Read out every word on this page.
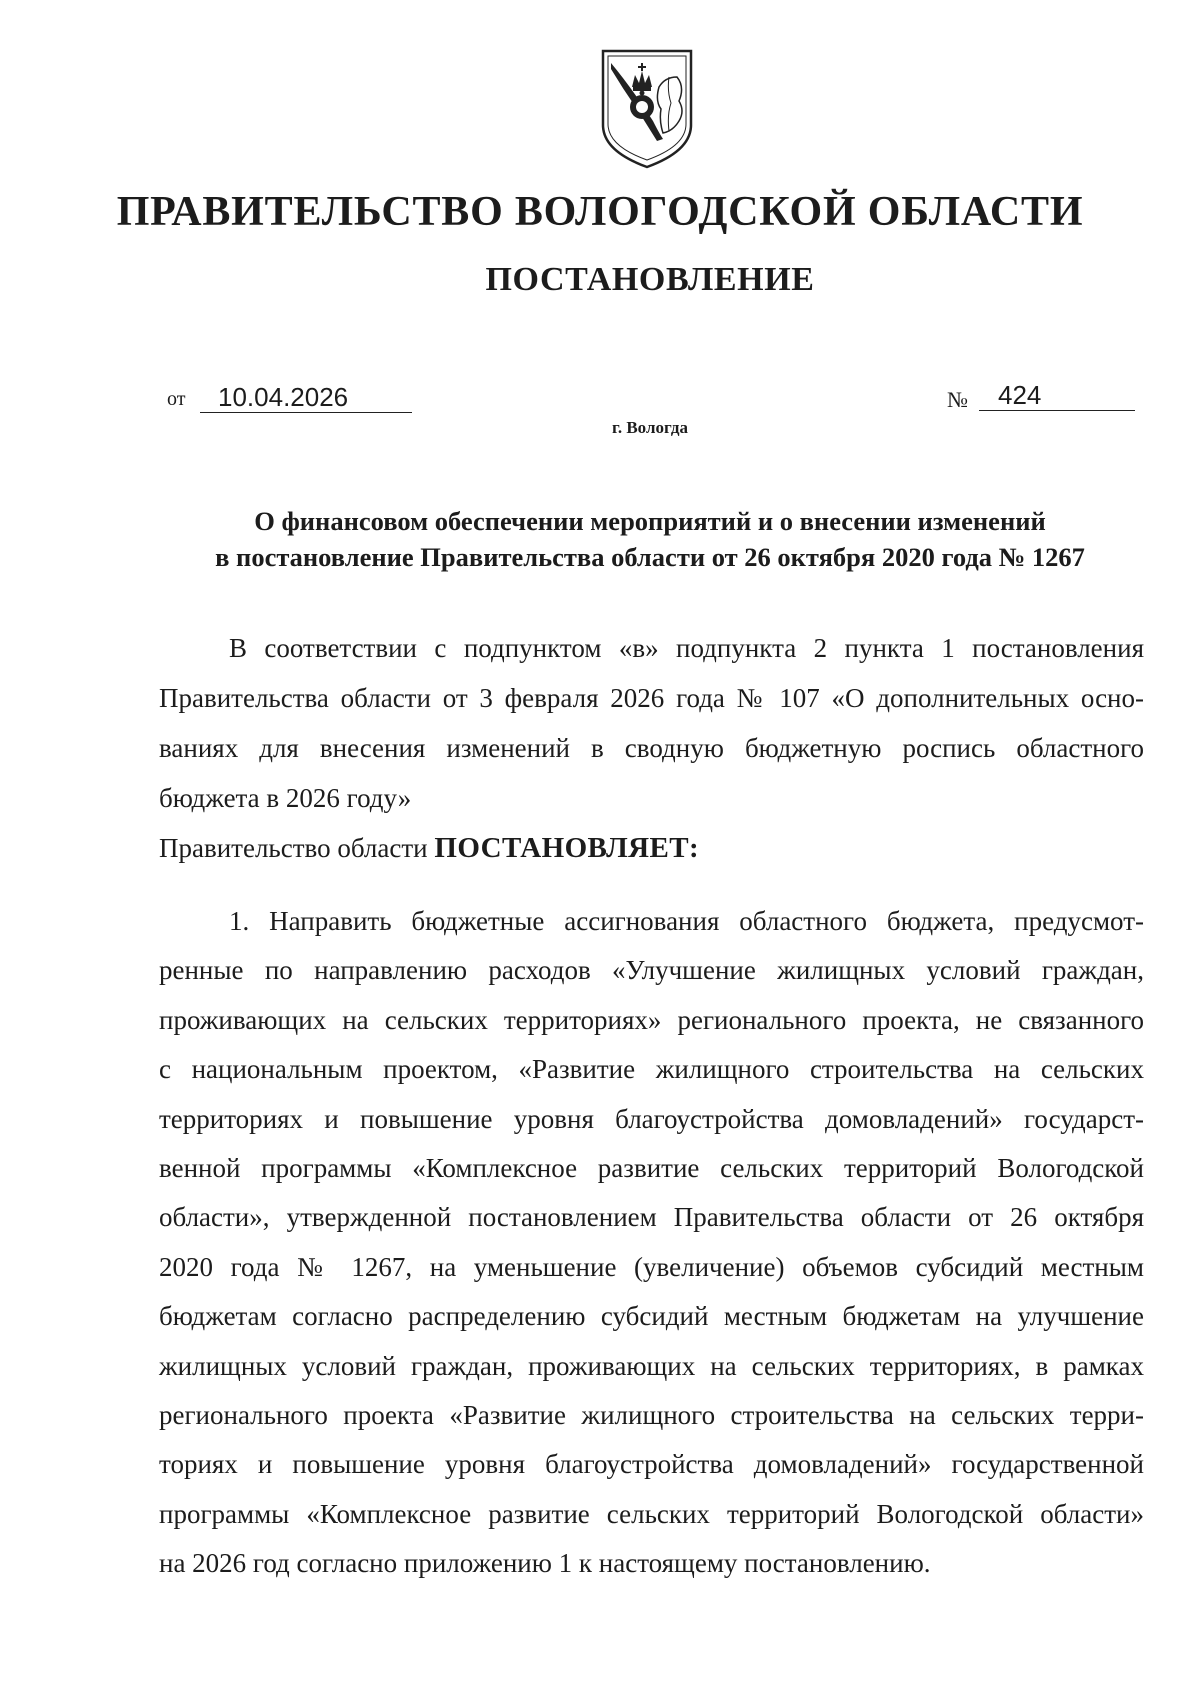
ПРАВИТЕЛЬСТВО ВОЛОГОДСКОЙ ОБЛАСТИ
ПОСТАНОВЛЕНИЕ
от	10.04.2026	№	424
г. Вологда
О финансовом обеспечении мероприятий и о внесении изменений
в постановление Правительства области от 26 октября 2020 года № 1267
В соответствии с подпунктом «в» подпункта 2 пункта 1 постановления
Правительства области от 3 февраля 2026 года № 107 «О дополнительных осно-
ваниях для внесения изменений в сводную бюджетную роспись областного
бюджета в 2026 году»
Правительство области ПОСТАНОВЛЯЕТ:
1. Направить бюджетные ассигнования областного бюджета, предусмот-
ренные по направлению расходов «Улучшение жилищных условий граждан,
проживающих на сельских территориях» регионального проекта, не связанного
с национальным проектом, «Развитие жилищного строительства на сельских
территориях и повышение уровня благоустройства домовладений» государст-
венной программы «Комплексное развитие сельских территорий Вологодской
области», утвержденной постановлением Правительства области от 26 октября
2020 года № 1267, на уменьшение (увеличение) объемов субсидий местным
бюджетам согласно распределению субсидий местным бюджетам на улучшение
жилищных условий граждан, проживающих на сельских территориях, в рамках
регионального проекта «Развитие жилищного строительства на сельских терри-
ториях и повышение уровня благоустройства домовладений» государственной
программы «Комплексное развитие сельских территорий Вологодской области»
на 2026 год согласно приложению 1 к настоящему постановлению.
